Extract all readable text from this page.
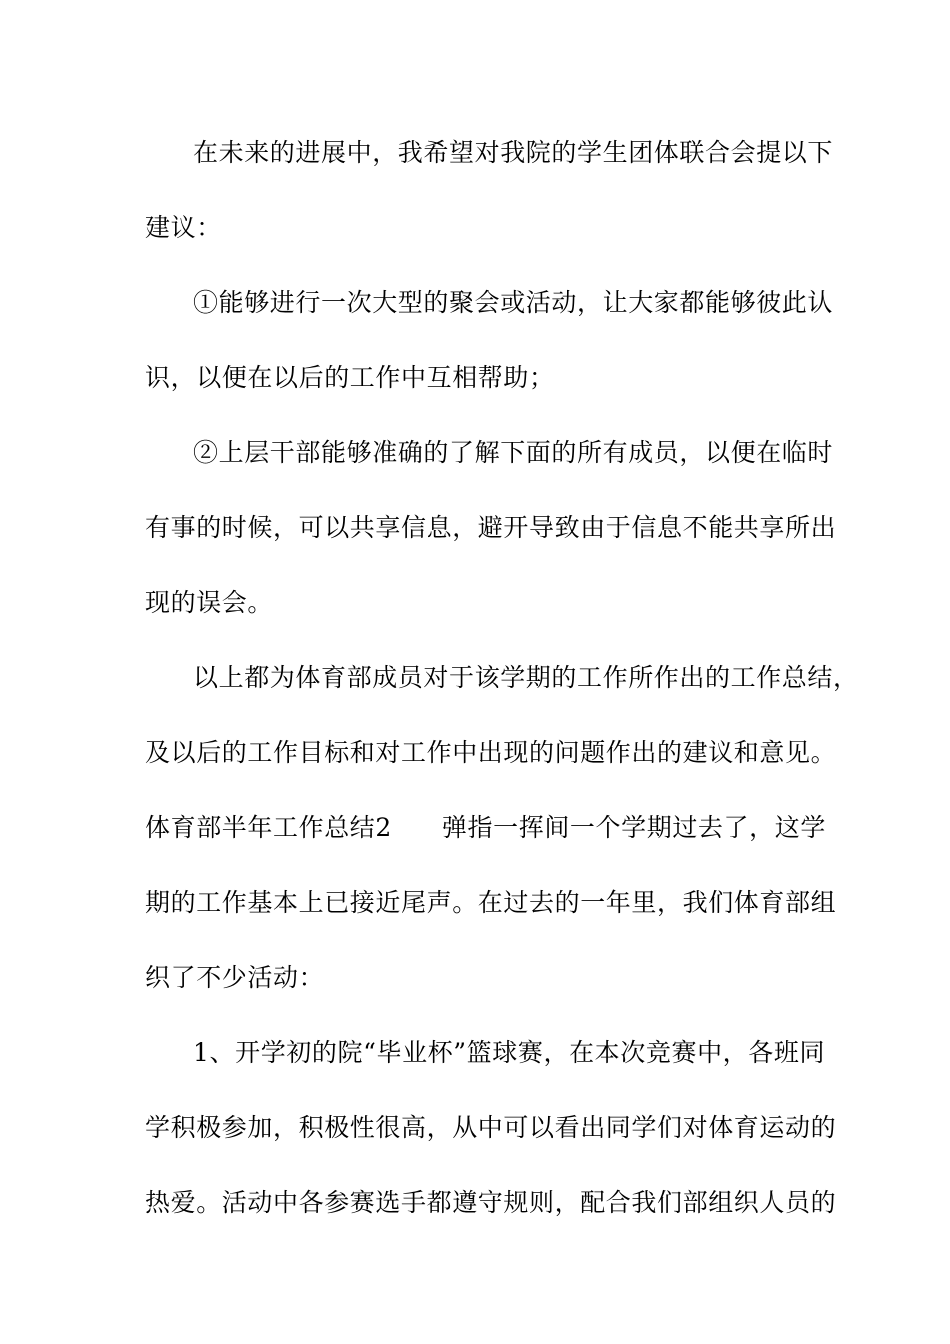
在未来的进展中，我希望对我院的学生团体联合会提以下
建议：
①能够进行一次大型的聚会或活动，让大家都能够彼此认
识，以便在以后的工作中互相帮助；
②上层干部能够准确的了解下面的所有成员，以便在临时
有事的时候，可以共享信息，避开导致由于信息不能共享所出
现的误会。
以上都为体育部成员对于该学期的工作所作出的工作总结，
及以后的工作目标和对工作中出现的问题作出的建议和意见。
体育部半年工作总结2 弹指一挥间一个学期过去了，这学
期的工作基本上已接近尾声。在过去的一年里，我们体育部组
织了不少活动：
1、开学初的院“毕业杯”篮球赛，在本次竞赛中，各班同
学积极参加，积极性很高，从中可以看出同学们对体育运动的
热爱。活动中各参赛选手都遵守规则，配合我们部组织人员的
